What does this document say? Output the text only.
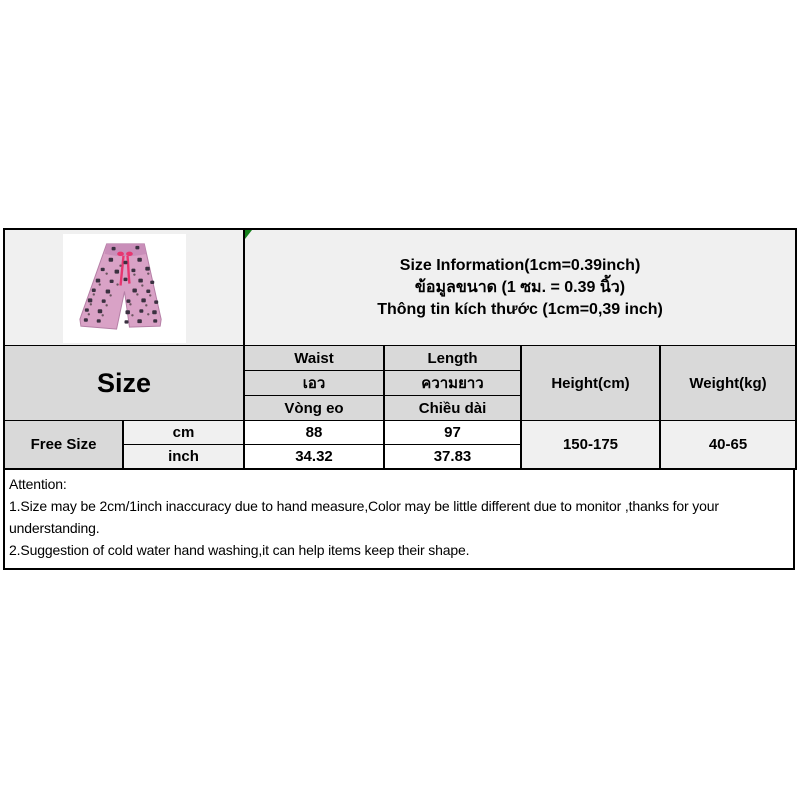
Size Information(1cm=0.39inch)
ข้อมูลขนาด (1 ซม. = 0.39 นิ้ว)
Thông tin kích thước (1cm=0,39 inch)			

Size		Waist	Length	Height(cm)	Weight(kg)
		เอว	ความยาว		
		Vòng eo	Chiều dài		
Free Size	cm	88	97	150-175	40-65
	inch	34.32	37.83		
Attention:
1.Size may be 2cm/1inch inaccuracy due to hand measure,Color may be little different due to monitor ,thanks for your understanding.
2.Suggestion of cold water hand washing,it can help items keep their shape.
